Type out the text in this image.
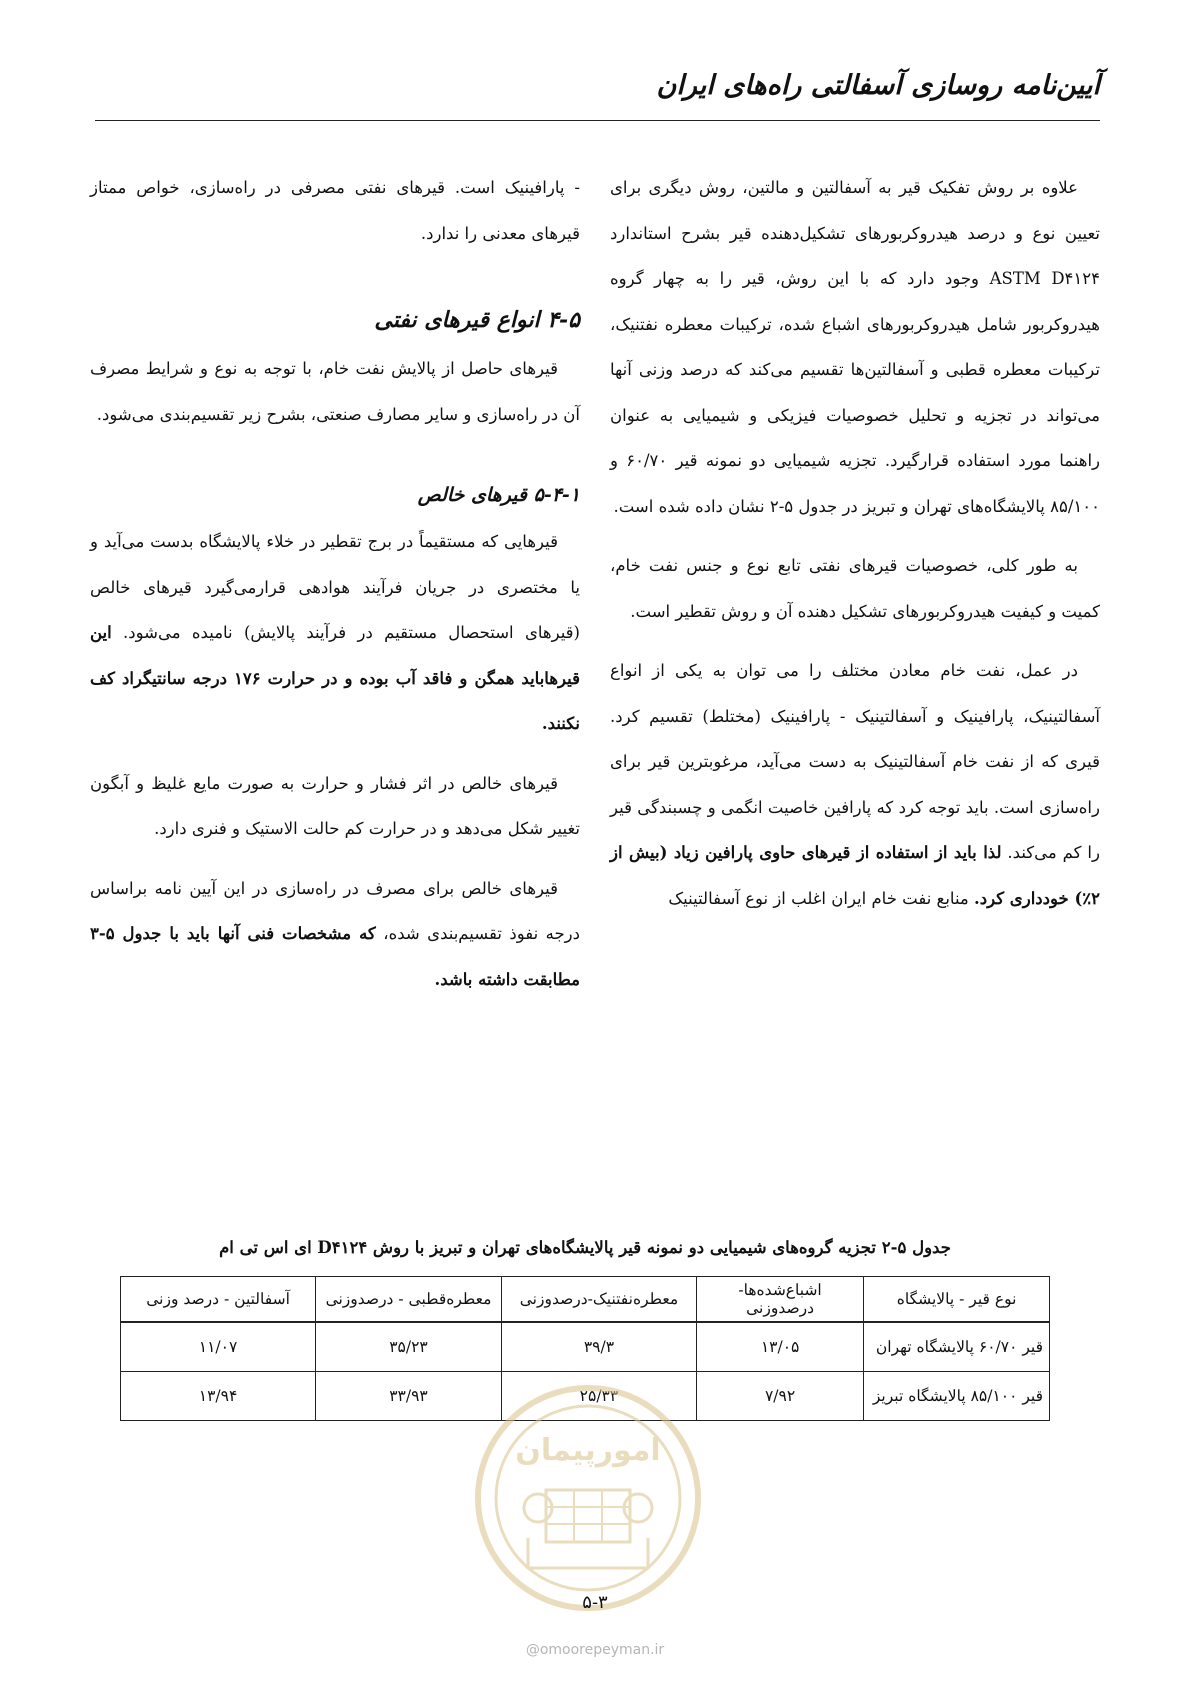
آیین‌نامه روسازی آسفالتی راه‌های ایران

علاوه بر روش تفکیک قیر به آسفالتین و مالتین، روش دیگری برای تعیین نوع و درصد هیدروکربورهای تشکیل‌دهنده قیر بشرح استاندارد ASTM D۴۱۲۴ وجود دارد که با این روش، قیر را به چهار گروه هیدروکربور شامل هیدروکربورهای اشباع شده، ترکیبات معطره نفتنیک، ترکیبات معطره قطبی و آسفالتین‌ها تقسیم می‌کند که درصد وزنی آنها می‌تواند در تجزیه و تحلیل خصوصیات فیزیکی و شیمیایی به عنوان راهنما مورد استفاده قرارگیرد. تجزیه شیمیایی دو نمونه قیر ۶۰/۷۰ و ۸۵/۱۰۰ پالایشگاه‌های تهران و تبریز در جدول ۵-۲ نشان داده شده است.

به طور کلی، خصوصیات قیرهای نفتی تابع نوع و جنس نفت خام، کمیت و کیفیت هیدروکربورهای تشکیل دهنده آن و روش تقطیر است.

در عمل، نفت خام معادن مختلف را می توان به یکی از انواع آسفالتینیک، پارافینیک و آسفالتینیک - پارافینیک (مختلط) تقسیم کرد. قیری که از نفت خام آسفالتینیک به دست می‌آید، مرغوبترین قیر برای راه‌سازی است. باید توجه کرد که پارافین خاصیت انگمی و چسبندگی قیر را کم می‌کند. لذا باید از استفاده از قیرهای حاوی پارافین زیاد (بیش از ۲٪) خودداری کرد. منابع نفت خام ایران اغلب از نوع آسفالتینیک

- پارافینیک است. قیرهای نفتی مصرفی در راه‌سازی، خواص ممتاز قیرهای معدنی را ندارد.

۴-۵ انواع قیرهای نفتی

قیرهای حاصل از پالایش نفت خام، با توجه به نوع و شرایط مصرف آن در راه‌سازی و سایر مصارف صنعتی، بشرح زیر تقسیم‌بندی می‌شود.

۵-۴-۱ قیرهای خالص

قیرهایی که مستقیماً در برج تقطیر در خلاء پالایشگاه بدست می‌آید و یا مختصری در جریان فرآیند هوادهی قرارمی‌گیرد قیرهای خالص (قیرهای استحصال مستقیم در فرآیند پالایش) نامیده می‌شود. این قیرهاباید همگن و فاقد آب بوده و در حرارت ۱۷۶ درجه سانتیگراد کف نکنند.

قیرهای خالص در اثر فشار و حرارت به صورت مایع غلیظ و آبگون تغییر شکل می‌دهد و در حرارت کم حالت الاستیک و فنری دارد.

قیرهای خالص برای مصرف در راه‌سازی در این آیین نامه براساس درجه نفوذ تقسیم‌بندی شده، که مشخصات فنی آنها باید با جدول ۵-۳ مطابقت داشته باشد.

جدول ۵-۲ تجزیه گروه‌های شیمیایی دو نمونه قیر پالایشگاه‌های تهران و تبریز با روش D۴۱۲۴ ای اس تی ام
نوع قیر - پالایشگاه	اشباع‌شده‌ها- درصدوزنی	معطره‌نفتنیک-درصدوزنی	معطره‌قطبی - درصدوزنی	آسفالتین - درصد وزنی
قیر ۶۰/۷۰ پالایشگاه تهران	۱۳/۰۵	۳۹/۳	۳۵/۲۳	۱۱/۰۷
قیر ۸۵/۱۰۰ پالایشگاه تبریز	۷/۹۲	۲۵/۳۳	۳۳/۹۳	۱۳/۹۴
امورپیمان
۵-۳
@omoorepeyman.ir
